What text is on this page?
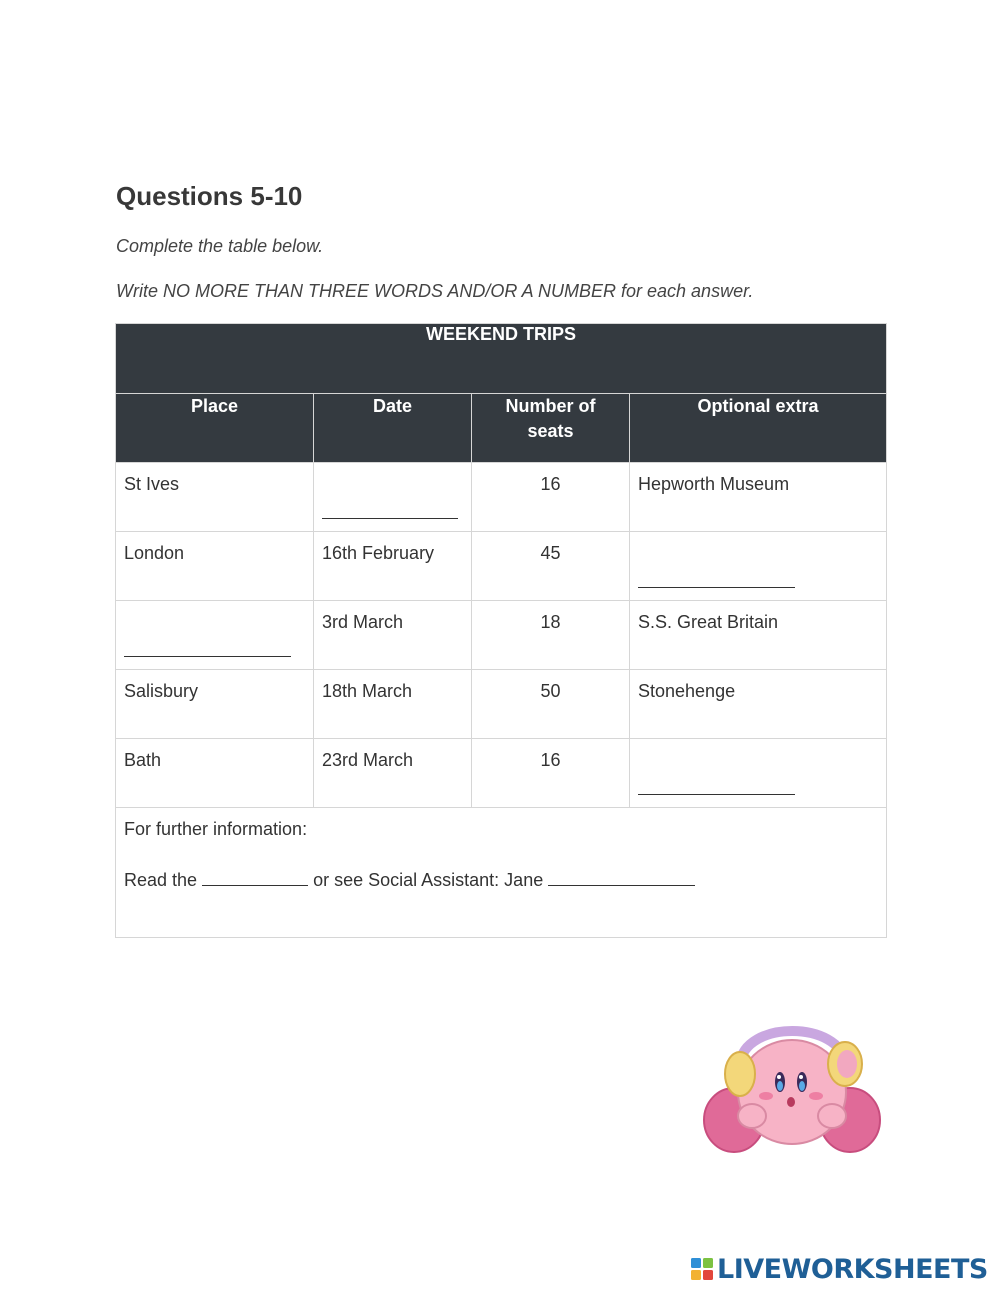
Questions 5-10
Complete the table below.
Write NO MORE THAN THREE WORDS AND/OR A NUMBER for each answer.
WEEKEND TRIPS			
Place	Date	Number of seats	Optional extra

St Ives		16	Hepworth Museum

London	16th February	45	

	3rd March	18	S.S. Great Britain

Salisbury	18th March	50	Stonehenge

Bath	23rd March	16	

For further information:
Read the or see Social Assistant: Jane			
LIVEWORKSHEETS
